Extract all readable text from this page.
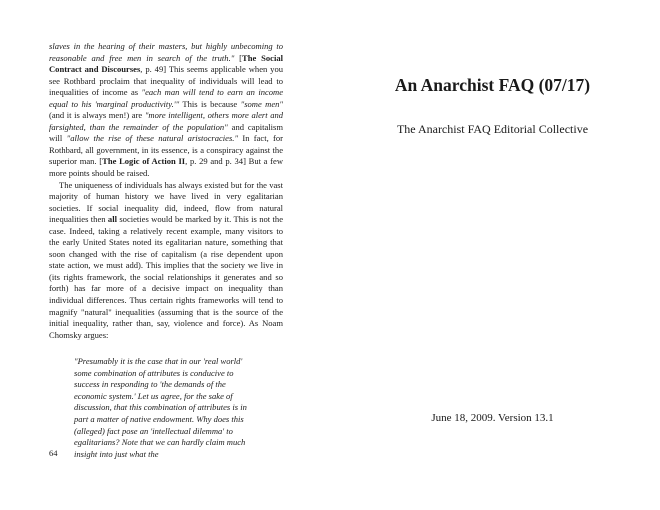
slaves in the hearing of their masters, but highly unbecoming to reasonable and free men in search of the truth." [The Social Contract and Discourses, p. 49] This seems applicable when you see Rothbard proclaim that inequality of individuals will lead to inequalities of income as "each man will tend to earn an income equal to his 'marginal productivity.'" This is because "some men" (and it is always men!) are "more intelligent, others more alert and farsighted, than the remainder of the population" and capitalism will "allow the rise of these natural aristocracies." In fact, for Rothbard, all government, in its essence, is a conspiracy against the superior man. [The Logic of Action II, p. 29 and p. 34] But a few more points should be raised.

The uniqueness of individuals has always existed but for the vast majority of human history we have lived in very egalitarian societies. If social inequality did, indeed, flow from natural inequalities then all societies would be marked by it. This is not the case. Indeed, taking a relatively recent example, many visitors to the early United States noted its egalitarian nature, something that soon changed with the rise of capitalism (a rise dependent upon state action, we must add). This implies that the society we live in (its rights framework, the social relationships it generates and so forth) has far more of a decisive impact on inequality than individual differences. Thus certain rights frameworks will tend to magnify "natural" inequalities (assuming that is the source of the initial inequality, rather than, say, violence and force). As Noam Chomsky argues:

"Presumably it is the case that in our 'real world' some combination of attributes is conducive to success in responding to 'the demands of the economic system.' Let us agree, for the sake of discussion, that this combination of attributes is in part a matter of native endowment. Why does this (alleged) fact pose an 'intellectual dilemma' to egalitarians? Note that we can hardly claim much insight into just what the
64
An Anarchist FAQ (07/17)
The Anarchist FAQ Editorial Collective
June 18, 2009. Version 13.1
